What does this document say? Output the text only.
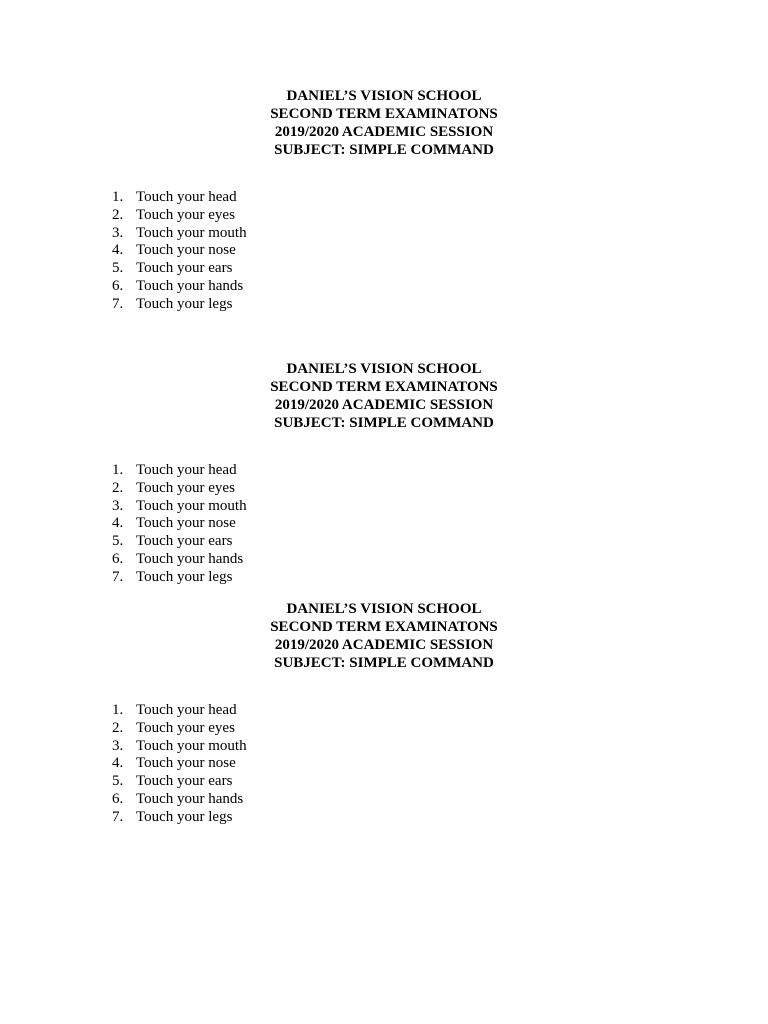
DANIEL’S VISION SCHOOL
SECOND TERM EXAMINATONS
2019/2020 ACADEMIC SESSION
SUBJECT: SIMPLE COMMAND
1. Touch your head
2. Touch your eyes
3. Touch your mouth
4. Touch your nose
5. Touch your ears
6. Touch your hands
7. Touch your legs
DANIEL’S VISION SCHOOL
SECOND TERM EXAMINATONS
2019/2020 ACADEMIC SESSION
SUBJECT: SIMPLE COMMAND
1. Touch your head
2. Touch your eyes
3. Touch your mouth
4. Touch your nose
5. Touch your ears
6. Touch your hands
7. Touch your legs
DANIEL’S VISION SCHOOL
SECOND TERM EXAMINATONS
2019/2020 ACADEMIC SESSION
SUBJECT: SIMPLE COMMAND
1. Touch your head
2. Touch your eyes
3. Touch your mouth
4. Touch your nose
5. Touch your ears
6. Touch your hands
7. Touch your legs
